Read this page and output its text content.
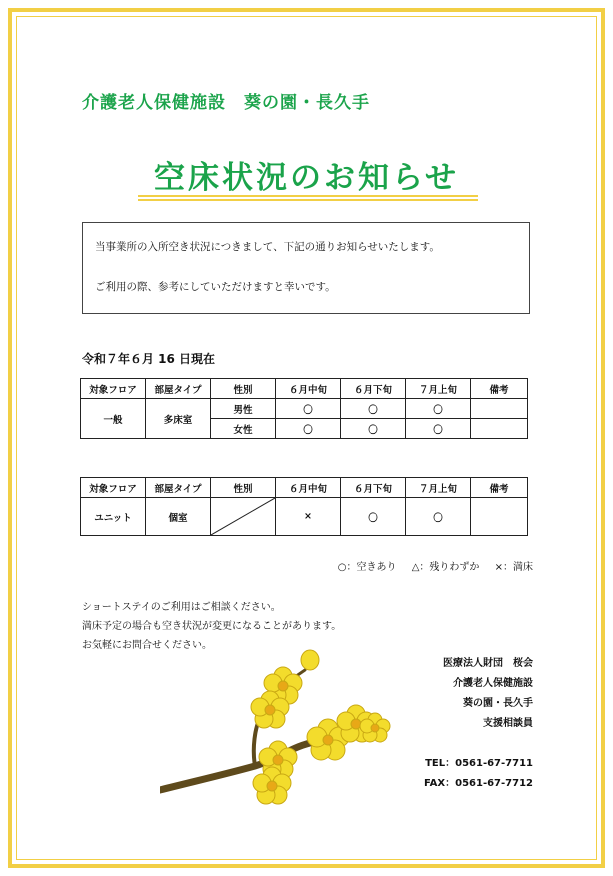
介護老人保健施設　葵の園・長久手
空床状況のお知らせ

当事業所の入所空き状況につきまして、下記の通りお知らせいたします。

ご利用の際、参考にしていただけますと幸いです。

令和７年６月 16 日現在
対象フロア	部屋タイプ	性別	６月中旬	６月下旬	７月上旬	備考
一般	多床室	男性	〇	〇	〇	
		女性	〇	〇	〇	
対象フロア	部屋タイプ	性別	６月中旬	６月下旬	７月上旬	備考
ユニット	個室		×	〇	〇	
○：空きあり △：残りわずか ×：満床
ショートステイのご利用はご相談ください。
満床予定の場合も空き状況が変更になることがあります。
お気軽にお問合せください。
医療法人財団　桜会
介護老人保健施設
葵の園・長久手
支援相談員
TEL：0561-67-7711
FAX：0561-67-7712
